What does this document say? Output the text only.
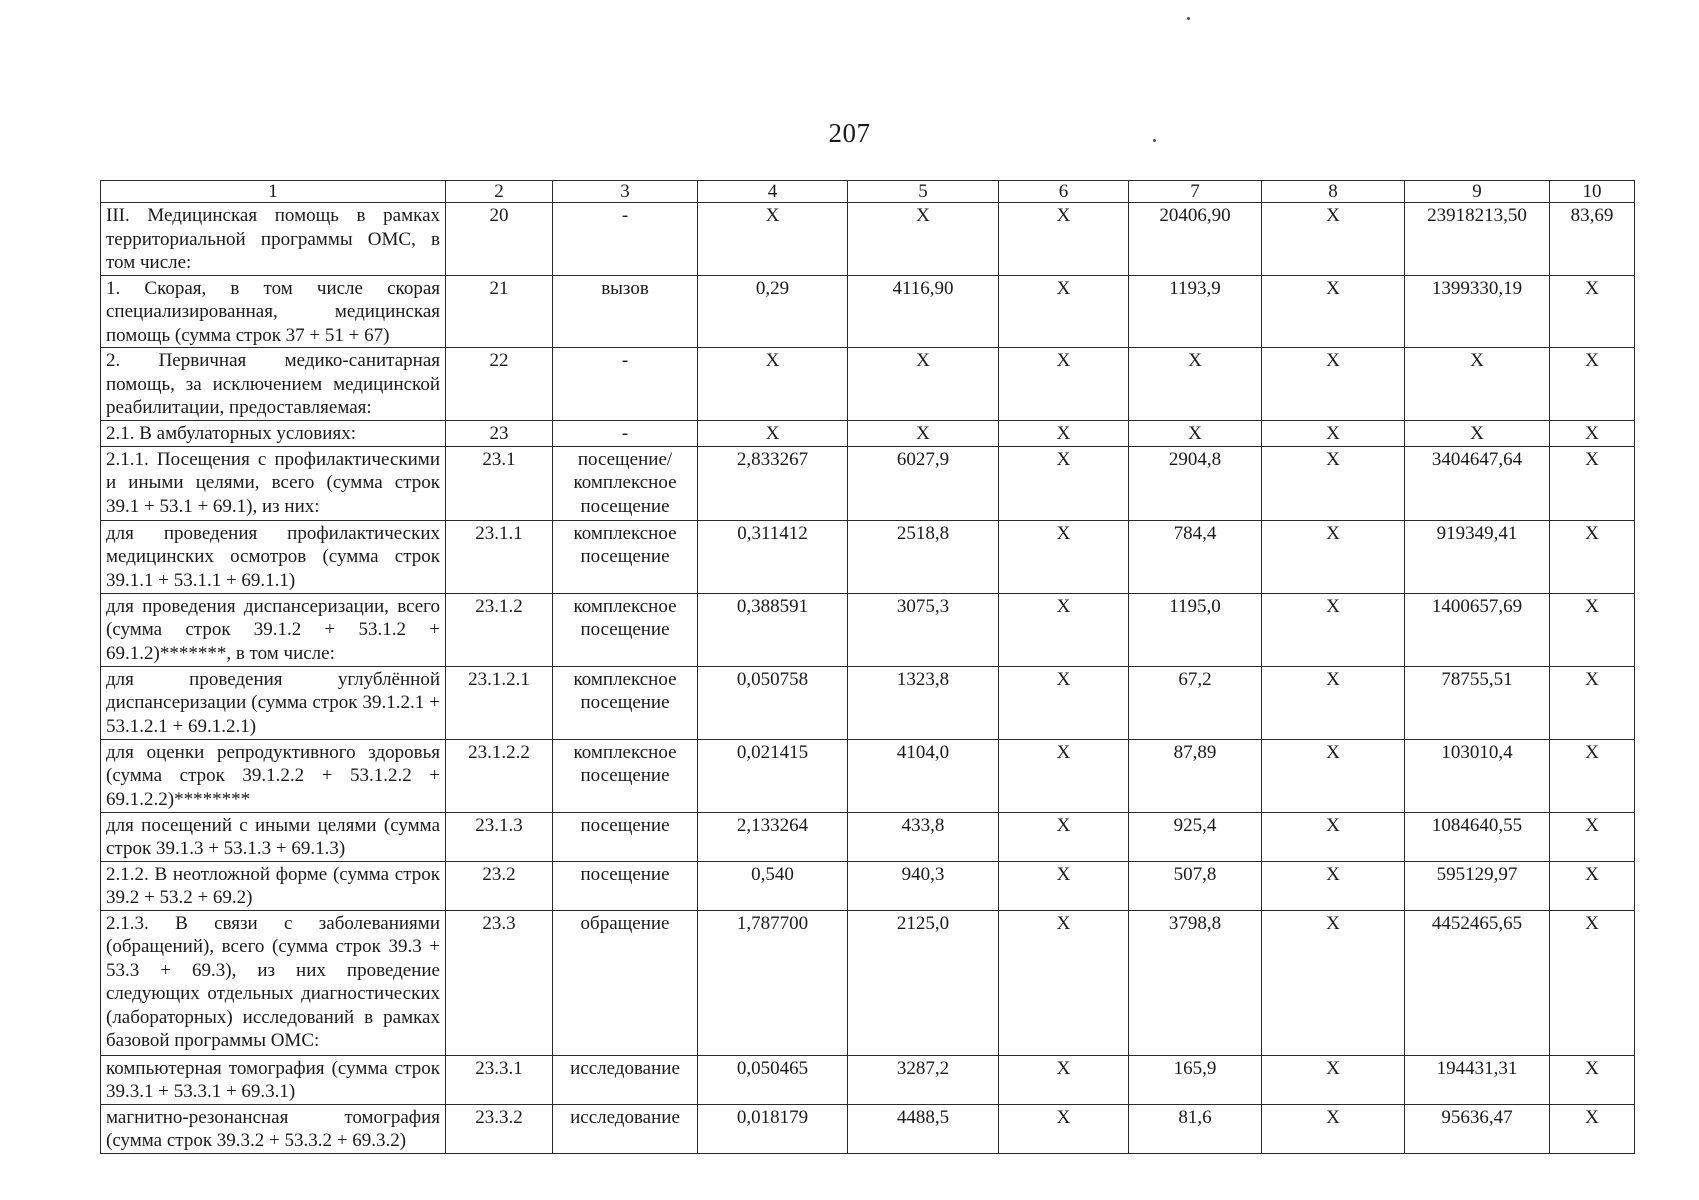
207
1	2	3	4	5	6	7	8	9	10
III. Медицинская помощь в рамках территориальной программы ОМС, в том числе:	20	-	Х	Х	Х	20406,90	Х	23918213,50	83,69
1. Скорая, в том числе скорая специализированная, медицинская помощь (сумма строк 37 + 51 + 67)	21	вызов	0,29	4116,90	Х	1193,9	Х	1399330,19	Х
2. Первичная медико-санитарная помощь, за исключением медицинской реабилитации, предоставляемая:	22	-	Х	Х	Х	Х	Х	Х	Х
2.1. В амбулаторных условиях:	23	-	Х	Х	Х	Х	Х	Х	Х
2.1.1. Посещения с профилактическими и иными целями, всего (сумма строк 39.1 + 53.1 + 69.1), из них:	23.1	посещение/ комплексное посещение	2,833267	6027,9	Х	2904,8	Х	3404647,64	Х
для проведения профилактических медицинских осмотров (сумма строк 39.1.1 + 53.1.1 + 69.1.1)	23.1.1	комплексное посещение	0,311412	2518,8	Х	784,4	Х	919349,41	Х
для проведения диспансеризации, всего (сумма строк 39.1.2 + 53.1.2 + 69.1.2)*******, в том числе:	23.1.2	комплексное посещение	0,388591	3075,3	Х	1195,0	Х	1400657,69	Х
для проведения углублённой диспансеризации (сумма строк 39.1.2.1 + 53.1.2.1 + 69.1.2.1)	23.1.2.1	комплексное посещение	0,050758	1323,8	Х	67,2	Х	78755,51	Х
для оценки репродуктивного здоровья (сумма строк 39.1.2.2 + 53.1.2.2 + 69.1.2.2)********	23.1.2.2	комплексное посещение	0,021415	4104,0	Х	87,89	Х	103010,4	Х
для посещений с иными целями (сумма строк 39.1.3 + 53.1.3 + 69.1.3)	23.1.3	посещение	2,133264	433,8	Х	925,4	Х	1084640,55	Х
2.1.2. В неотложной форме (сумма строк 39.2 + 53.2 + 69.2)	23.2	посещение	0,540	940,3	Х	507,8	Х	595129,97	Х
2.1.3. В связи с заболеваниями (обращений), всего (сумма строк 39.3 + 53.3 + 69.3), из них проведение следующих отдельных диагностических (лабораторных) исследований в рамках базовой программы ОМС:	23.3	обращение	1,787700	2125,0	Х	3798,8	Х	4452465,65	Х
компьютерная томография (сумма строк 39.3.1 + 53.3.1 + 69.3.1)	23.3.1	исследование	0,050465	3287,2	Х	165,9	Х	194431,31	Х
магнитно-резонансная томография (сумма строк 39.3.2 + 53.3.2 + 69.3.2)	23.3.2	исследование	0,018179	4488,5	Х	81,6	Х	95636,47	Х
